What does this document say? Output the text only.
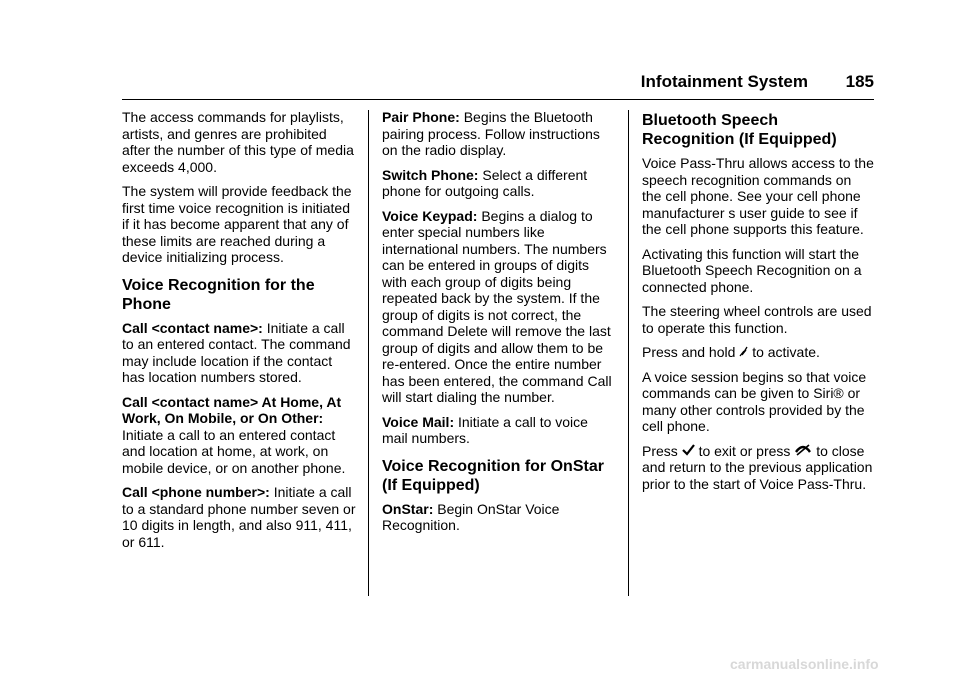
Infotainment System 185

The access commands for playlists, artists, and genres are prohibited after the number of this type of media exceeds 4,000.

The system will provide feedback the first time voice recognition is initiated if it has become apparent that any of these limits are reached during a device initializing process.

Voice Recognition for the Phone

Call <contact name>: Initiate a call to an entered contact. The command may include location if the contact has location numbers stored.

Call <contact name> At Home, At Work, On Mobile, or On Other: Initiate a call to an entered contact and location at home, at work, on mobile device, or on another phone.

Call <phone number>: Initiate a call to a standard phone number seven or 10 digits in length, and also 911, 411, or 611.

Pair Phone: Begins the Bluetooth pairing process. Follow instructions on the radio display.

Switch Phone: Select a different phone for outgoing calls.

Voice Keypad: Begins a dialog to enter special numbers like international numbers. The numbers can be entered in groups of digits with each group of digits being repeated back by the system. If the group of digits is not correct, the command Delete will remove the last group of digits and allow them to be re-entered. Once the entire number has been entered, the command Call will start dialing the number.

Voice Mail: Initiate a call to voice mail numbers.

Voice Recognition for OnStar (If Equipped)

OnStar: Begin OnStar Voice Recognition.

Bluetooth Speech Recognition (If Equipped)

Voice Pass-Thru allows access to the speech recognition commands on the cell phone. See your cell phone manufacturer s user guide to see if the cell phone supports this feature.

Activating this function will start the Bluetooth Speech Recognition on a connected phone.

The steering wheel controls are used to operate this function.

Press and hold to activate.

A voice session begins so that voice commands can be given to Siri® or many other controls provided by the cell phone.

Press to exit or press to close and return to the previous application prior to the start of Voice Pass-Thru.

carmanualsonline.info
